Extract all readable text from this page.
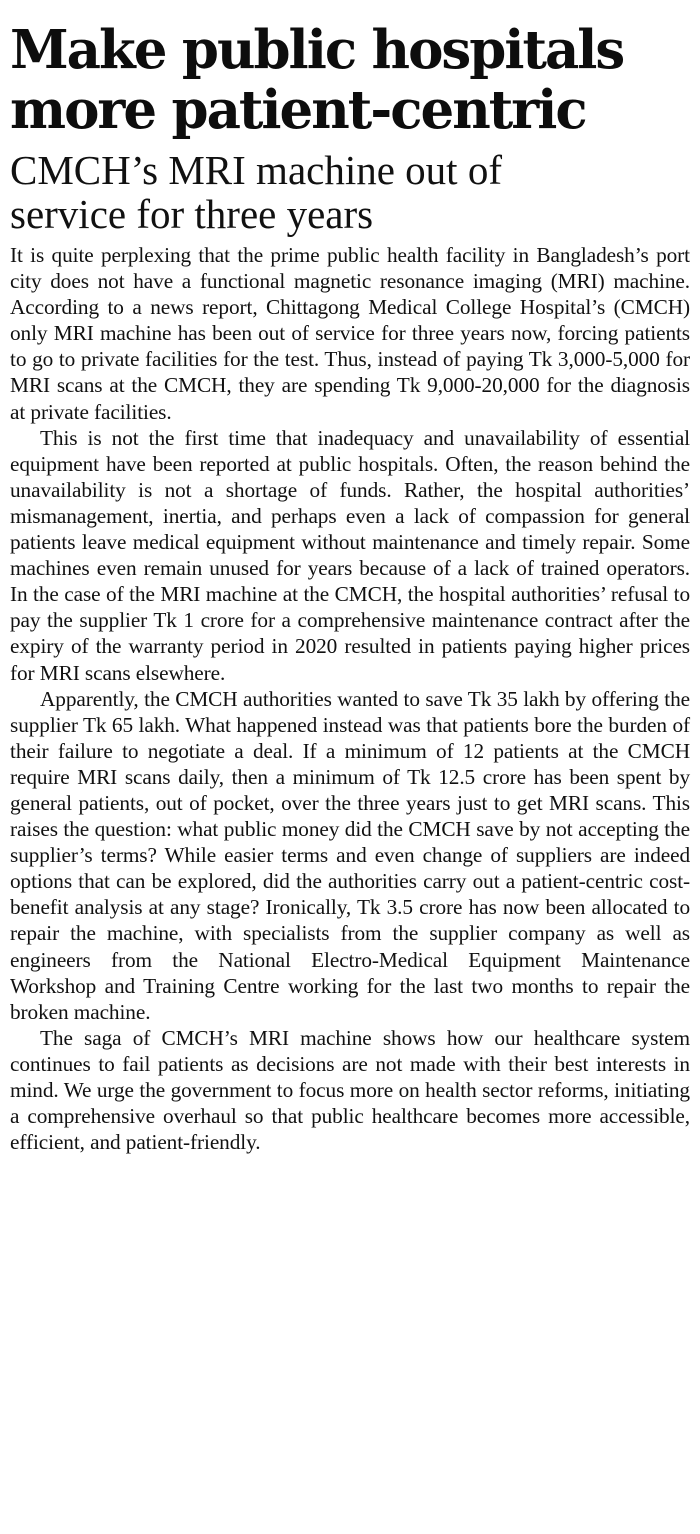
Make public hospitals
more patient-centric
CMCH’s MRI machine out of
service for three years

It is quite perplexing that the prime public health facility in Bangladesh’s port city does not have a functional magnetic resonance imaging (MRI) machine. According to a news report, Chittagong Medical College Hospital’s (CMCH) only MRI machine has been out of service for three years now, forcing patients to go to private facilities for the test. Thus, instead of paying Tk 3,000-5,000 for MRI scans at the CMCH, they are spending Tk 9,000-20,000 for the diagnosis at private facilities.

This is not the first time that inadequacy and unavailability of essential equipment have been reported at public hospitals. Often, the reason behind the unavailability is not a shortage of funds. Rather, the hospital authorities’ mismanagement, inertia, and perhaps even a lack of compassion for general patients leave medical equipment without maintenance and timely repair. Some machines even remain unused for years because of a lack of trained operators. In the case of the MRI machine at the CMCH, the hospital authorities’ refusal to pay the supplier Tk 1 crore for a comprehensive maintenance contract after the expiry of the warranty period in 2020 resulted in patients paying higher prices for MRI scans elsewhere.

Apparently, the CMCH authorities wanted to save Tk 35 lakh by offering the supplier Tk 65 lakh. What happened instead was that patients bore the burden of their failure to negotiate a deal. If a minimum of 12 patients at the CMCH require MRI scans daily, then a minimum of Tk 12.5 crore has been spent by general patients, out of pocket, over the three years just to get MRI scans. This raises the question: what public money did the CMCH save by not accepting the supplier’s terms? While easier terms and even change of suppliers are indeed options that can be explored, did the authorities carry out a patient-centric cost-benefit analysis at any stage? Ironically, Tk 3.5 crore has now been allocated to repair the machine, with specialists from the supplier company as well as engineers from the National Electro-Medical Equipment Maintenance Workshop and Training Centre working for the last two months to repair the broken machine.

The saga of CMCH’s MRI machine shows how our healthcare system continues to fail patients as decisions are not made with their best interests in mind. We urge the government to focus more on health sector reforms, initiating a comprehensive overhaul so that public healthcare becomes more accessible, efficient, and patient-friendly.
